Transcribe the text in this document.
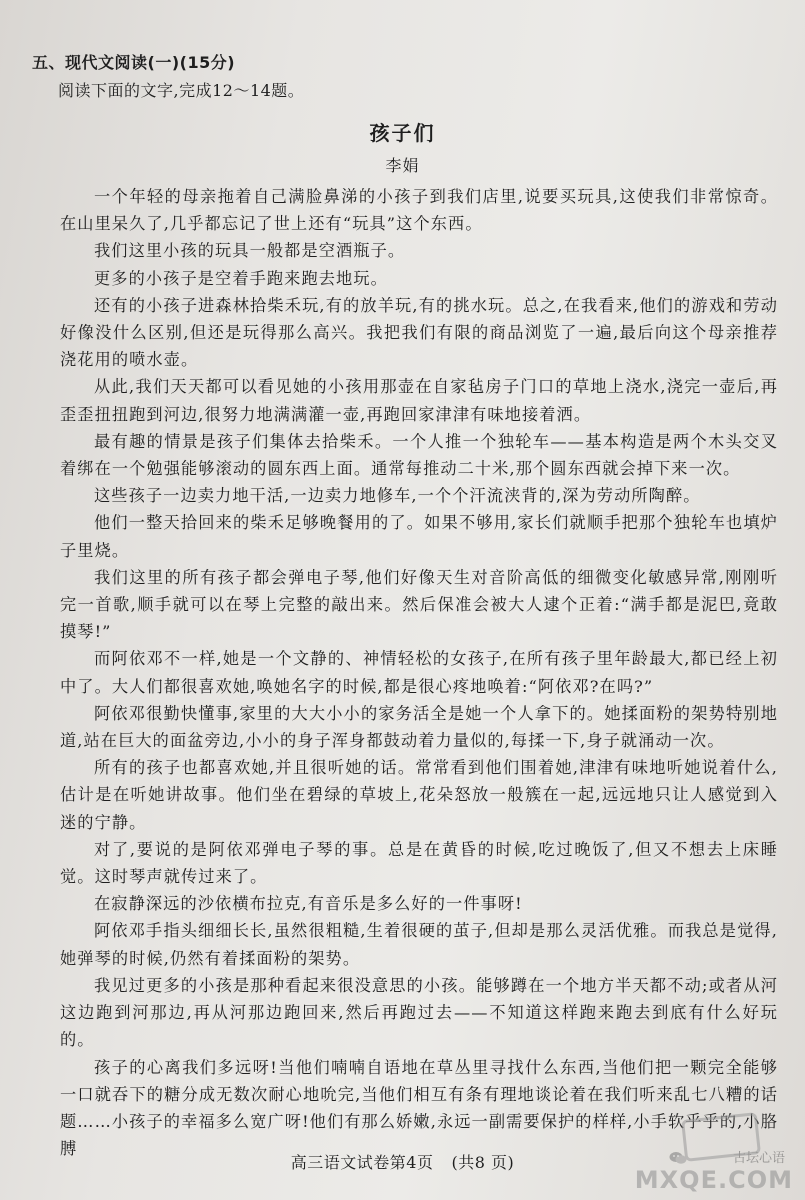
五、现代文阅读(一)(15分)
阅读下面的文字,完成12～14题。
孩子们
李娟

一个年轻的母亲拖着自己满脸鼻涕的小孩子到我们店里,说要买玩具,这使我们非常惊奇。在山里呆久了,几乎都忘记了世上还有“玩具”这个东西。

我们这里小孩的玩具一般都是空酒瓶子。

更多的小孩子是空着手跑来跑去地玩。

还有的小孩子进森林拾柴禾玩,有的放羊玩,有的挑水玩。总之,在我看来,他们的游戏和劳动好像没什么区别,但还是玩得那么高兴。我把我们有限的商品浏览了一遍,最后向这个母亲推荐浇花用的喷水壶。

从此,我们天天都可以看见她的小孩用那壶在自家毡房子门口的草地上浇水,浇完一壶后,再歪歪扭扭跑到河边,很努力地满满灌一壶,再跑回家津津有味地接着洒。

最有趣的情景是孩子们集体去拾柴禾。一个人推一个独轮车——基本构造是两个木头交叉着绑在一个勉强能够滚动的圆东西上面。通常每推动二十米,那个圆东西就会掉下来一次。

这些孩子一边卖力地干活,一边卖力地修车,一个个汗流浃背的,深为劳动所陶醉。

他们一整天拾回来的柴禾足够晚餐用的了。如果不够用,家长们就顺手把那个独轮车也填炉子里烧。

我们这里的所有孩子都会弹电子琴,他们好像天生对音阶高低的细微变化敏感异常,刚刚听完一首歌,顺手就可以在琴上完整的敲出来。然后保准会被大人逮个正着:“满手都是泥巴,竟敢摸琴!”

而阿依邓不一样,她是一个文静的、神情轻松的女孩子,在所有孩子里年龄最大,都已经上初中了。大人们都很喜欢她,唤她名字的时候,都是很心疼地唤着:“阿依邓?在吗?”

阿依邓很勤快懂事,家里的大大小小的家务活全是她一个人拿下的。她揉面粉的架势特别地道,站在巨大的面盆旁边,小小的身子浑身都鼓动着力量似的,每揉一下,身子就涌动一次。

所有的孩子也都喜欢她,并且很听她的话。常常看到他们围着她,津津有味地听她说着什么,估计是在听她讲故事。他们坐在碧绿的草坡上,花朵怒放一般簇在一起,远远地只让人感觉到入迷的宁静。

对了,要说的是阿依邓弹电子琴的事。总是在黄昏的时候,吃过晚饭了,但又不想去上床睡觉。这时琴声就传过来了。

在寂静深远的沙依横布拉克,有音乐是多么好的一件事呀!

阿依邓手指头细细长长,虽然很粗糙,生着很硬的茧子,但却是那么灵活优雅。而我总是觉得,她弹琴的时候,仍然有着揉面粉的架势。

我见过更多的小孩是那种看起来很没意思的小孩。能够蹲在一个地方半天都不动;或者从河这边跑到河那边,再从河那边跑回来,然后再跑过去——不知道这样跑来跑去到底有什么好玩的。

孩子的心离我们多远呀!当他们喃喃自语地在草丛里寻找什么东西,当他们把一颗完全能够一口就吞下的糖分成无数次耐心地吮完,当他们相互有条有理地谈论着在我们听来乱七八糟的话题……小孩子的幸福多么宽广呀!他们有那么娇嫩,永远一副需要保护的样样,小手软乎乎的,小胳膊

高三语文试卷第4页 (共8 页)	古坛心语
MXQE.COM
